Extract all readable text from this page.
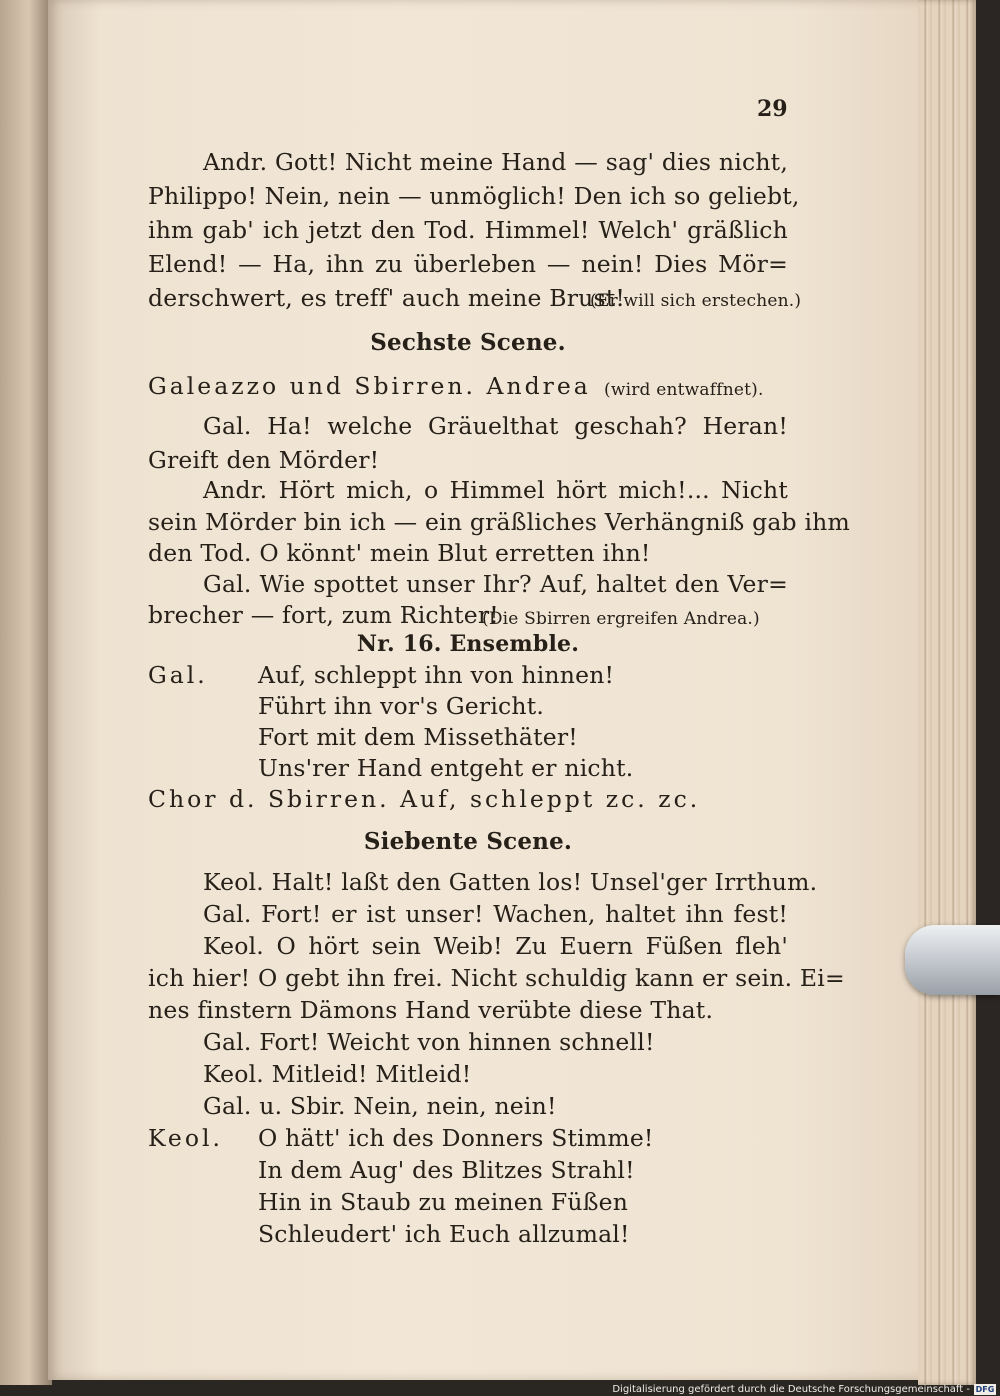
29
Andr. Gott! Nicht meine Hand — sag' dies nicht,
Philippo! Nein, nein — unmöglich! Den ich so geliebt,
ihm gab' ich jetzt den Tod. Himmel! Welch' gräßlich
Elend! — Ha, ihn zu überleben — nein! Dies Mör=
derschwert, es treff' auch meine Brust!
(Er will sich erstechen.)
Sechste Scene.
Galeazzo und Sbirren. Andrea (wird entwaffnet).
Gal. Ha! welche Gräuelthat geschah? Heran!
Greift den Mörder!
Andr. Hört mich, o Himmel hört mich!... Nicht
sein Mörder bin ich — ein gräßliches Verhängniß gab ihm
den Tod. O könnt' mein Blut erretten ihn!
Gal. Wie spottet unser Ihr? Auf, haltet den Ver=
brecher — fort, zum Richter!
(Die Sbirren ergreifen Andrea.)
Nr. 16. Ensemble.
Gal. Auf, schleppt ihn von hinnen!
Führt ihn vor's Gericht.
Fort mit dem Missethäter!
Uns'rer Hand entgeht er nicht.
Chor d. Sbirren. Auf, schleppt zc. zc.
Siebente Scene.
Keol. Halt! laßt den Gatten los! Unsel'ger Irrthum.
Gal. Fort! er ist unser! Wachen, haltet ihn fest!
Keol. O hört sein Weib! Zu Euern Füßen fleh'
ich hier! O gebt ihn frei. Nicht schuldig kann er sein. Ei=
nes finstern Dämons Hand verübte diese That.
Gal. Fort! Weicht von hinnen schnell!
Keol. Mitleid! Mitleid!
Gal. u. Sbir. Nein, nein, nein!
Keol. O hätt' ich des Donners Stimme!
In dem Aug' des Blitzes Strahl!
Hin in Staub zu meinen Füßen
Schleudert' ich Euch allzumal!
Digitalisierung gefördert durch die Deutsche Forschungsgemeinschaft - DFG
